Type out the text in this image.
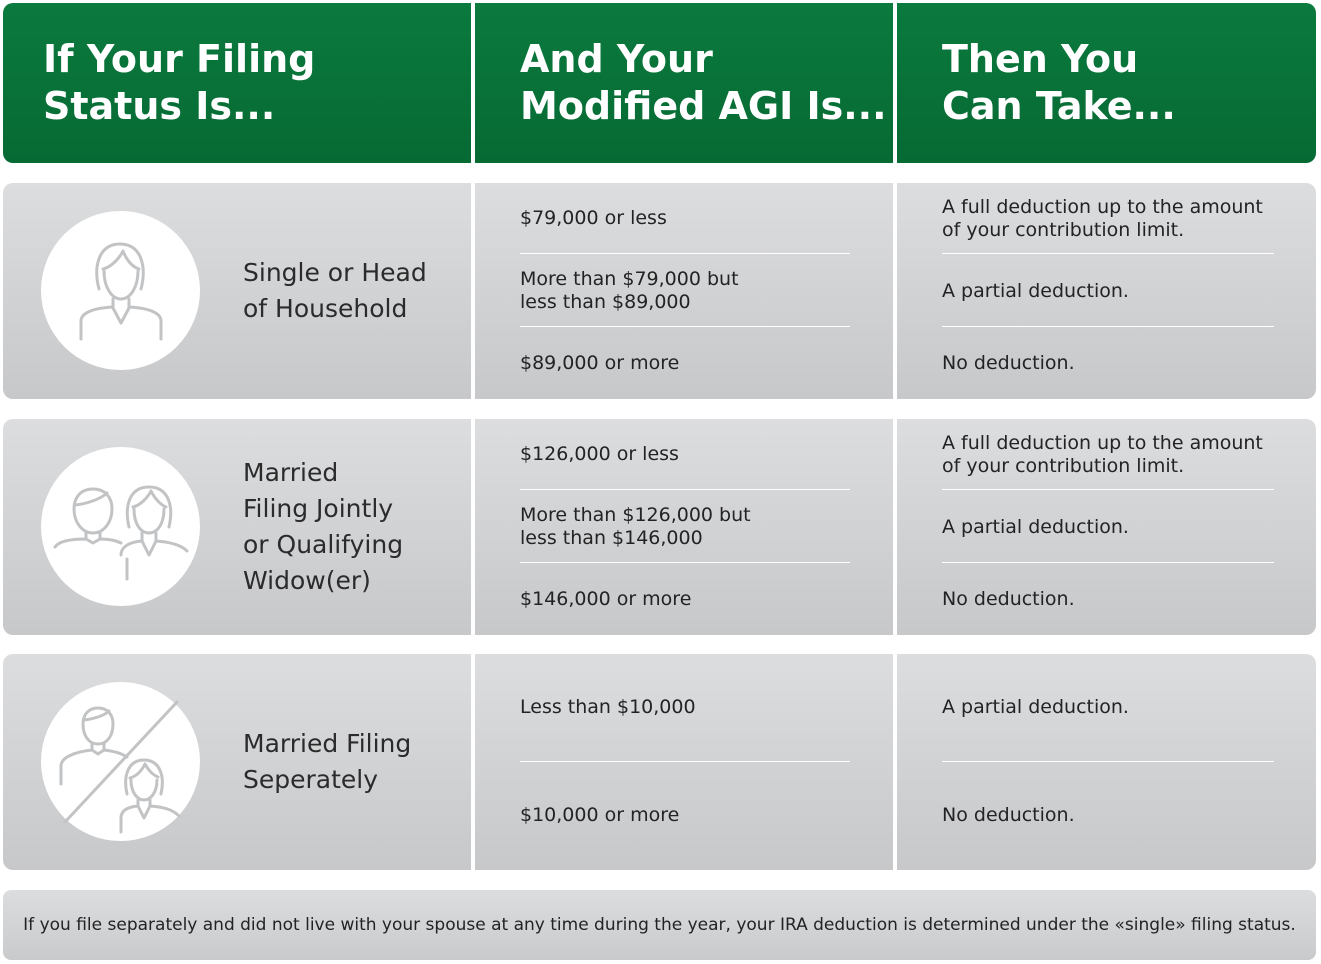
If Your Filing
Status Is...
And Your
Modified AGI Is...
Then You
Can Take...
Single or Head
of Household
$79,000 or less
More than $79,000 but
less than $89,000
$89,000 or more
A full deduction up to the amount
of your contribution limit.
A partial deduction.
No deduction.
Married
Filing Jointly
or Qualifying
Widow(er)
$126,000 or less
More than $126,000 but
less than $146,000
$146,000 or more
A full deduction up to the amount
of your contribution limit.
A partial deduction.
No deduction.
Married Filing
Seperately
Less than $10,000
$10,000 or more
A partial deduction.
No deduction.
If you file separately and did not live with your spouse at any time during the year, your IRA deduction is determined under the «single» filing status.
